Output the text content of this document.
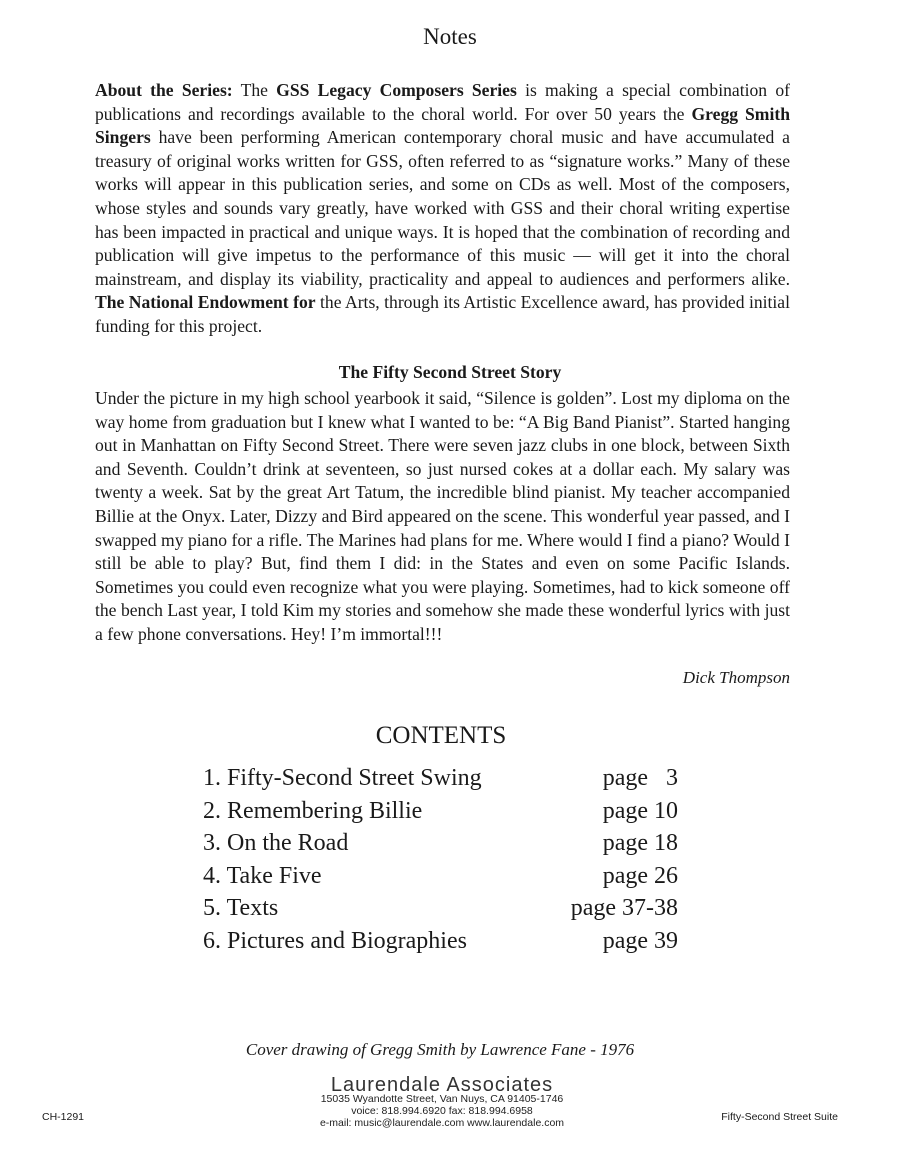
Notes
About the Series: The GSS Legacy Composers Series is making a special combination of publications and recordings available to the choral world. For over 50 years the Gregg Smith Singers have been performing American contemporary choral music and have accumulated a treasury of original works written for GSS, often referred to as “signature works.” Many of these works will appear in this publication series, and some on CDs as well. Most of the composers, whose styles and sounds vary greatly, have worked with GSS and their choral writing expertise has been impacted in practical and unique ways. It is hoped that the combination of recording and publication will give impetus to the performance of this music — will get it into the choral mainstream, and display its viability, practicality and appeal to audiences and performers alike. The National Endowment for the Arts, through its Artistic Excellence award, has provided initial funding for this project.
The Fifty Second Street Story
Under the picture in my high school yearbook it said, “Silence is golden”. Lost my diploma on the way home from graduation but I knew what I wanted to be: “A Big Band Pianist”. Started hanging out in Manhattan on Fifty Second Street. There were seven jazz clubs in one block, between Sixth and Seventh. Couldn’t drink at seventeen, so just nursed cokes at a dollar each. My salary was twenty a week. Sat by the great Art Tatum, the incredible blind pianist. My teacher accompanied Billie at the Onyx. Later, Dizzy and Bird appeared on the scene. This wonderful year passed, and I swapped my piano for a rifle. The Marines had plans for me. Where would I find a piano? Would I still be able to play? But, find them I did: in the States and even on some Pacific Islands. Sometimes you could even recognize what you were playing. Sometimes, had to kick someone off the bench Last year, I told Kim my stories and somehow she made these wonderful lyrics with just a few phone conversations. Hey! I’m immortal!!!
Dick Thompson
CONTENTS
1. Fifty-Second Street Swing	page   3
2. Remembering Billie	page 10
3. On the Road	page 18
4. Take Five	page 26
5. Texts	page 37-38
6. Pictures and Biographies	page 39
Cover drawing of Gregg Smith by Lawrence Fane - 1976
Laurendale Associates
15035 Wyandotte Street, Van Nuys, CA 91405-1746
voice: 818.994.6920 fax: 818.994.6958
e-mail: music@laurendale.com www.laurendale.com
CH-1291	Fifty-Second Street Suite
